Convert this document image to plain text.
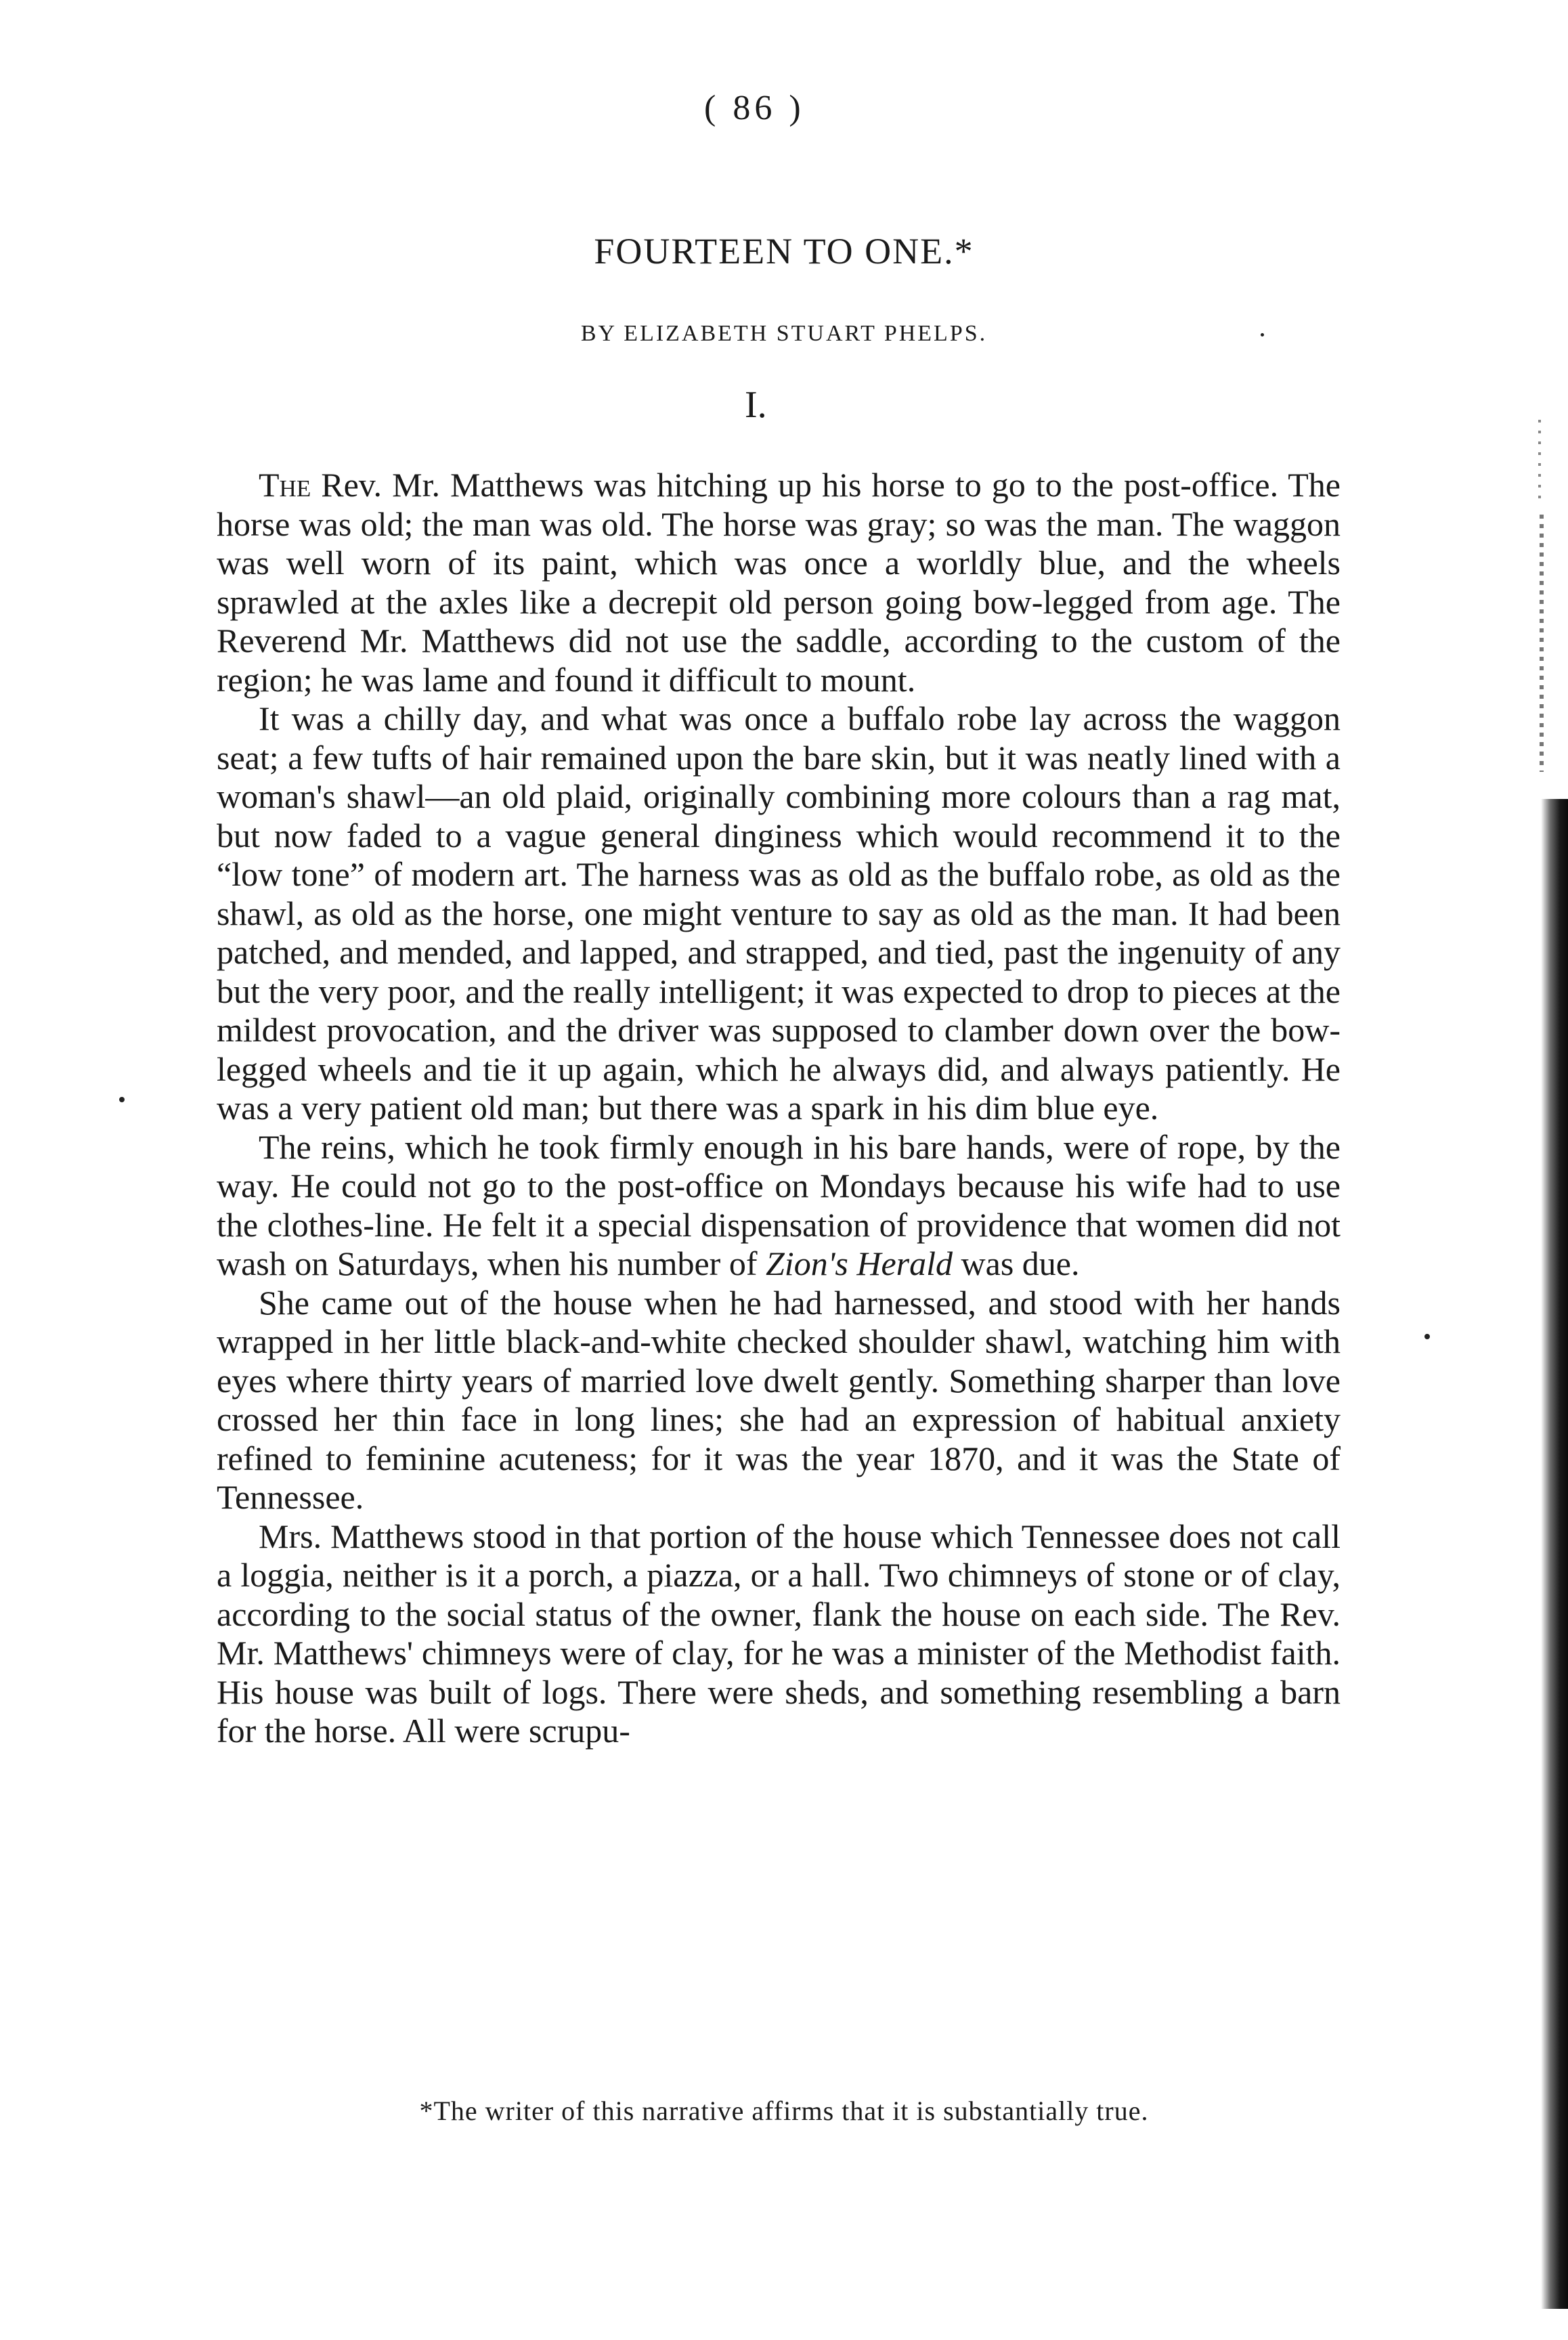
( 86 )
FOURTEEN TO ONE.*
BY ELIZABETH STUART PHELPS.
I.

The Rev. Mr. Matthews was hitching up his horse to go to the post-office. The horse was old; the man was old. The horse was gray; so was the man. The waggon was well worn of its paint, which was once a worldly blue, and the wheels sprawled at the axles like a decrepit old person going bow-legged from age. The Reverend Mr. Matthews did not use the saddle, according to the custom of the region; he was lame and found it difficult to mount.

It was a chilly day, and what was once a buffalo robe lay across the waggon seat; a few tufts of hair remained upon the bare skin, but it was neatly lined with a woman's shawl—an old plaid, originally combining more colours than a rag mat, but now faded to a vague general dinginess which would recommend it to the “low tone” of modern art. The harness was as old as the buffalo robe, as old as the shawl, as old as the horse, one might venture to say as old as the man. It had been patched, and mended, and lapped, and strapped, and tied, past the ingenuity of any but the very poor, and the really intelligent; it was expected to drop to pieces at the mildest provocation, and the driver was supposed to clamber down over the bow-legged wheels and tie it up again, which he always did, and always patiently. He was a very patient old man; but there was a spark in his dim blue eye.

The reins, which he took firmly enough in his bare hands, were of rope, by the way. He could not go to the post-office on Mondays because his wife had to use the clothes-line. He felt it a special dispensation of providence that women did not wash on Saturdays, when his number of Zion's Herald was due.

She came out of the house when he had harnessed, and stood with her hands wrapped in her little black-and-white checked shoulder shawl, watching him with eyes where thirty years of married love dwelt gently. Something sharper than love crossed her thin face in long lines; she had an expression of habitual anxiety refined to feminine acuteness; for it was the year 1870, and it was the State of Tennessee.

Mrs. Matthews stood in that portion of the house which Tennessee does not call a loggia, neither is it a porch, a piazza, or a hall. Two chimneys of stone or of clay, according to the social status of the owner, flank the house on each side. The Rev. Mr. Matthews' chimneys were of clay, for he was a minister of the Methodist faith. His house was built of logs. There were sheds, and something resembling a barn for the horse. All were scrupu-

*The writer of this narrative affirms that it is substantially true.
